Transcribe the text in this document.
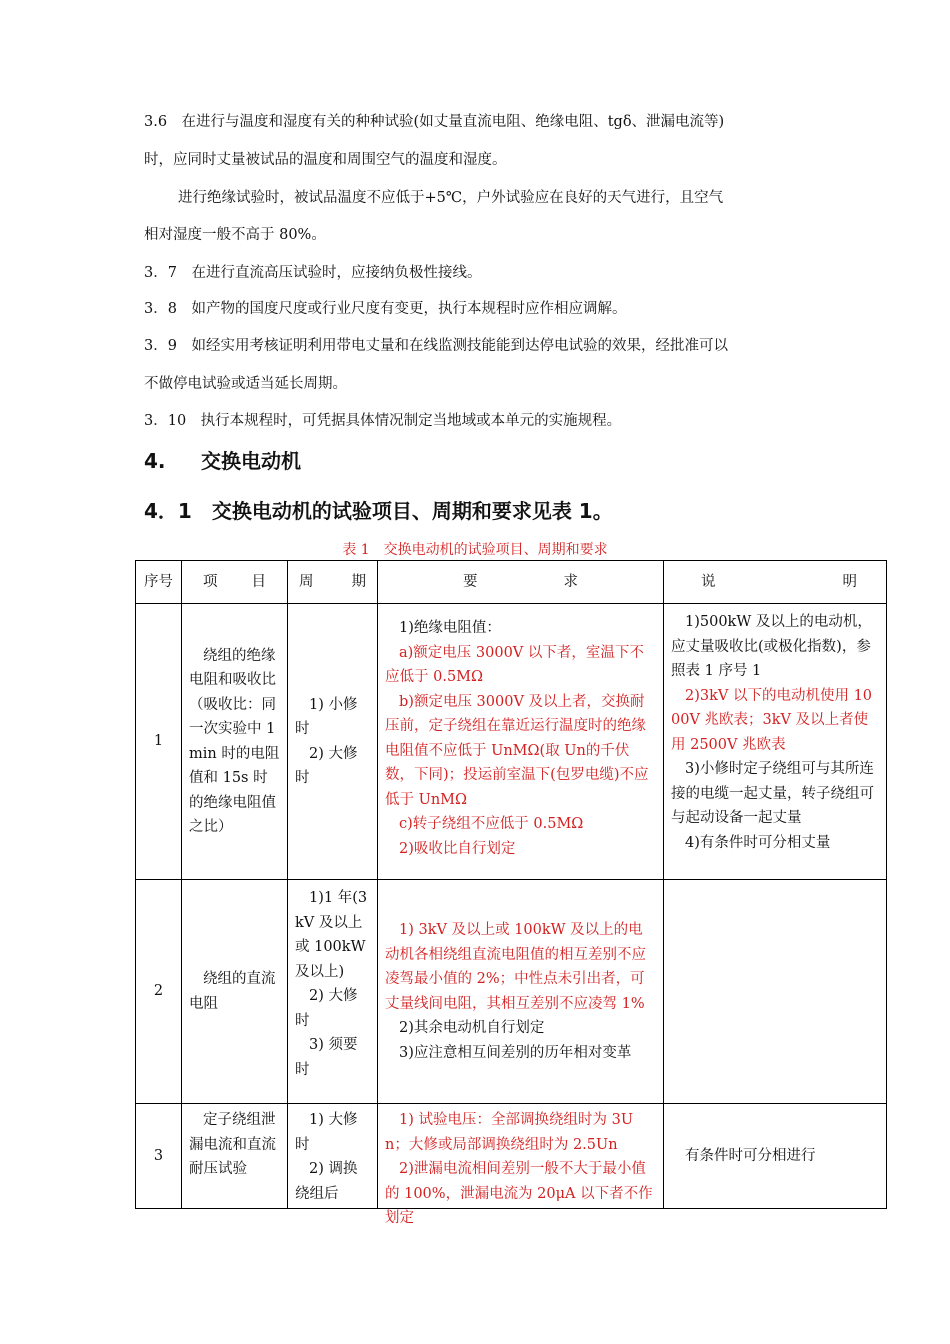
3.6　在进行与温度和湿度有关的种种试验(如丈量直流电阻、绝缘电阻、tgδ、泄漏电流等)
时，应同时丈量被试品的温度和周围空气的温度和湿度。
进行绝缘试验时，被试品温度不应低于+5℃，户外试验应在良好的天气进行，且空气
相对湿度一般不高于 80%。
3．7　在进行直流高压试验时，应接纳负极性接线。
3．8　如产物的国度尺度或行业尺度有变更，执行本规程时应作相应调解。
3．9　如经实用考核证明利用带电丈量和在线监测技能能到达停电试验的效果，经批准可以
不做停电试验或适当延长周期。
3．10　执行本规程时，可凭据具体情况制定当地域或本单元的实施规程。
4. 交换电动机
4．1　交换电动机的试验项目、周期和要求见表 1。
表 1　交换电动机的试验项目、周期和要求
序号	项 目	周 期	要 求	说 明

1	绕组的绝缘电阻和吸收比（吸收比：同一次实验中 1min 时的电阻值和 15s 时的绝缘电阻值之比）	1) 小修时
2) 大修时	1)绝缘电阻值：
a)额定电压 3000V 以下者，室温下不应低于 0.5MΩ
b)额定电压 3000V 及以上者，交换耐压前，定子绕组在靠近运行温度时的绝缘电阻值不应低于 UnMΩ(取 Un的千伏数，下同)；投运前室温下(包罗电缆)不应低于 UnMΩ
c)转子绕组不应低于 0.5MΩ
2)吸收比自行划定	1)500kW 及以上的电动机，应丈量吸收比(或极化指数)，参照表 1 序号 1
2)3kV 以下的电动机使用 1000V 兆欧表；3kV 及以上者使用 2500V 兆欧表
3)小修时定子绕组可与其所连接的电缆一起丈量，转子绕组可与起动设备一起丈量
4)有条件时可分相丈量

2	绕组的直流电阻	1)1 年(3kV 及以上或 100kW 及以上)
2) 大修时
3) 须要时	1) 3kV 及以上或 100kW 及以上的电动机各相绕组直流电阻值的相互差别不应凌驾最小值的 2%；中性点未引出者，可丈量线间电阻，其相互差别不应凌驾 1%
2)其余电动机自行划定
3)应注意相互间差别的历年相对变革	

3	定子绕组泄漏电流和直流耐压试验	1) 大修时
2) 调换绕组后	1) 试验电压：全部调换绕组时为 3Un；大修或局部调换绕组时为 2.5Un
2)泄漏电流相间差别一般不大于最小值的 100%，泄漏电流为 20μA 以下者不作划定	有条件时可分相进行
